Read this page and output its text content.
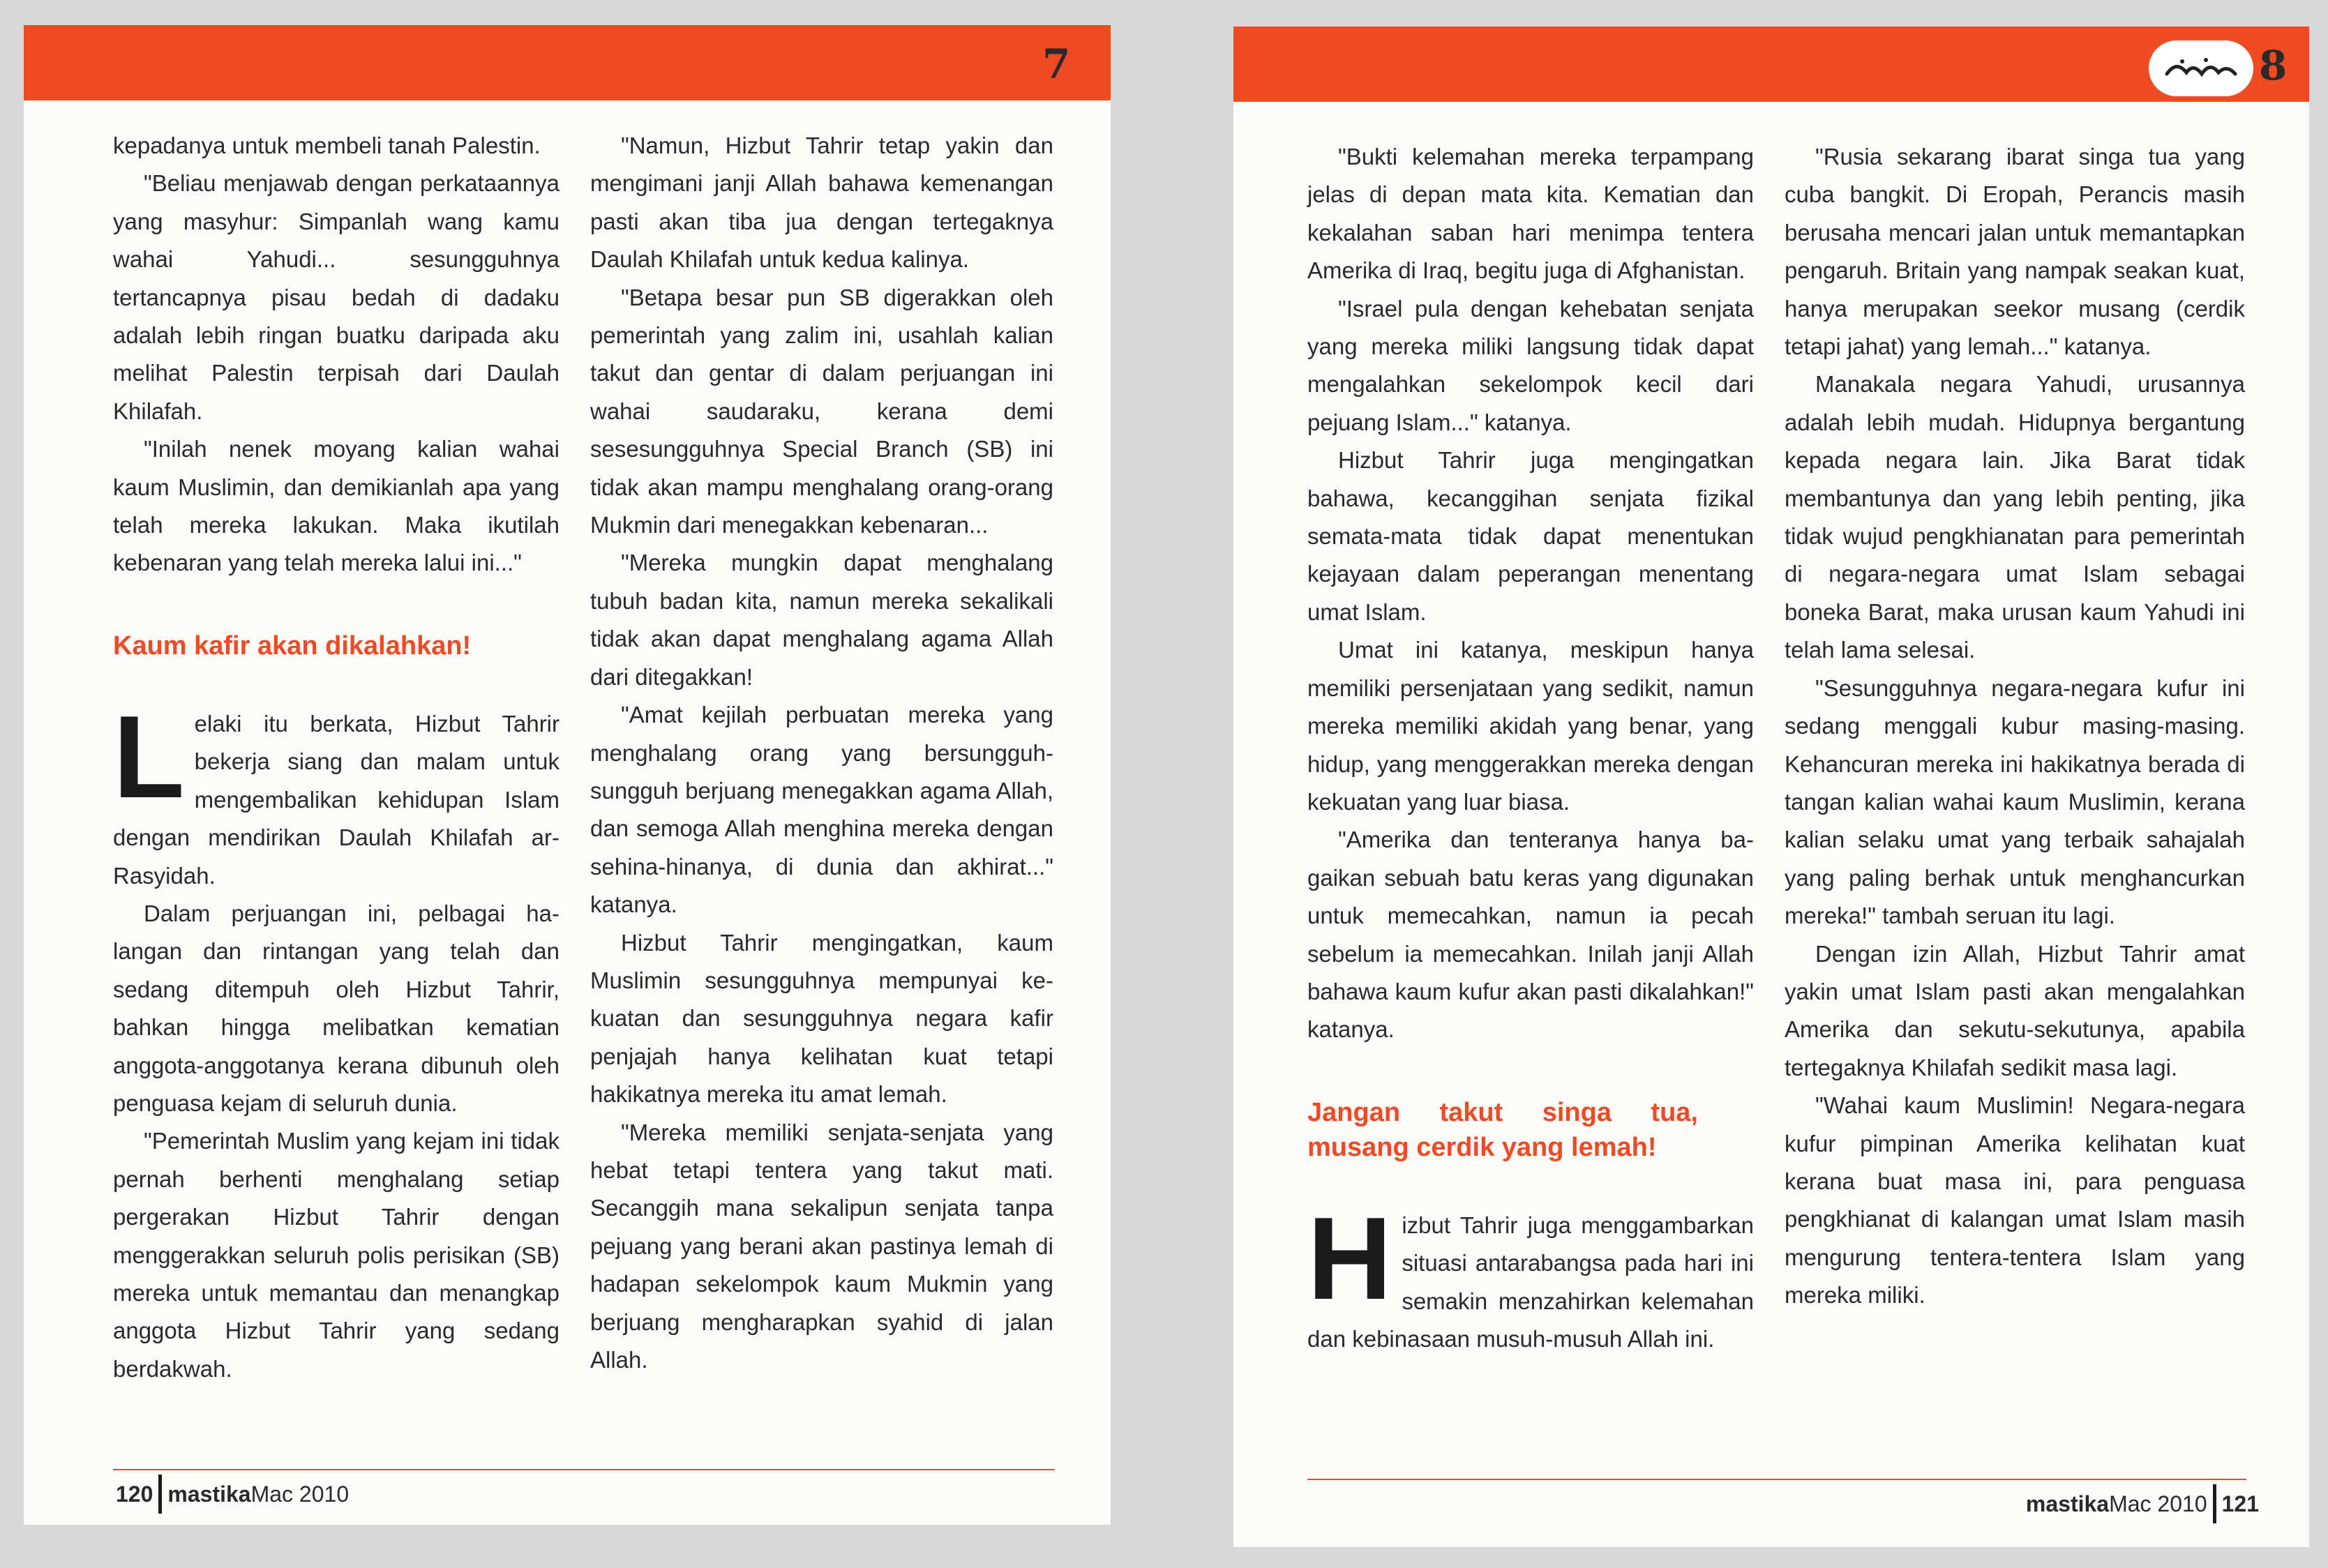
7

kepadanya untuk membeli tanah Palestin.

"Beliau menjawab dengan perkataannya yang masyhur: Simpanlah wang kamu wahai Yahudi... sesungguhnya tertancapnya pisau bedah di dadaku adalah lebih ringan buatku daripada aku melihat Palestin terpisah dari Daulah Khilafah.

"Inilah nenek moyang kalian wahai kaum Muslimin, dan demikianlah apa yang telah mereka lakukan. Maka ikutilah kebenaran yang telah mereka lalui ini..."

Kaum kafir akan dikalahkan!

Lelaki itu berkata, Hizbut Tahrir bekerja siang dan malam untuk mengembalikan kehidupan Islam dengan mendirikan Daulah Khilafah ar-Rasyidah.

Dalam perjuangan ini, pelbagai halangan dan rintangan yang telah dan sedang ditempuh oleh Hizbut Tahrir, bahkan hingga melibatkan kematian anggota-anggotanya kerana dibunuh oleh penguasa kejam di seluruh dunia.

"Pemerintah Muslim yang kejam ini tidak pernah berhenti menghalang setiap pergerakan Hizbut Tahrir dengan menggerakkan seluruh polis perisikan (SB) mereka untuk memantau dan menangkap anggota Hizbut Tahrir yang sedang berdakwah.

"Namun, Hizbut Tahrir tetap yakin dan mengimani janji Allah bahawa kemenangan pasti akan tiba jua dengan tertegaknya Daulah Khilafah untuk kedua kalinya.

"Betapa besar pun SB digerakkan oleh pemerintah yang zalim ini, usahlah kalian takut dan gentar di dalam perjuangan ini wahai saudaraku, kerana demi sesesungguhnya Special Branch (SB) ini tidak akan mampu menghalang orang-orang Mukmin dari menegakkan kebenaran...

"Mereka mungkin dapat menghalang tubuh badan kita, namun mereka sekalikali tidak akan dapat menghalang agama Allah dari ditegakkan!

"Amat kejilah perbuatan mereka yang menghalang orang yang bersungguh-sungguh berjuang menegakkan agama Allah, dan semoga Allah menghina mereka dengan sehina-hinanya, di dunia dan akhirat..." katanya.

Hizbut Tahrir mengingatkan, kaum Muslimin sesungguhnya mempunyai kekuatan dan sesungguhnya negara kafir penjajah hanya kelihatan kuat tetapi hakikatnya mereka itu amat lemah.

"Mereka memiliki senjata-senjata yang hebat tetapi tentera yang takut mati. Secanggih mana sekalipun senjata tanpa pejuang yang berani akan pastinya lemah di hadapan sekelompok kaum Mukmin yang berjuang mengharapkan syahid di jalan Allah.

120 mastika Mac 2010
8

"Bukti kelemahan mereka terpampang jelas di depan mata kita. Kematian dan kekalahan saban hari menimpa tentera Amerika di Iraq, begitu juga di Afghanistan.

"Israel pula dengan kehebatan senjata yang mereka miliki langsung tidak dapat mengalahkan sekelompok kecil dari pejuang Islam..." katanya.

Hizbut Tahrir juga mengingatkan bahawa, kecanggihan senjata fizikal semata-mata tidak dapat menentukan kejayaan dalam peperangan menentang umat Islam.

Umat ini katanya, meskipun hanya memiliki persenjataan yang sedikit, namun mereka memiliki akidah yang benar, yang hidup, yang menggerakkan mereka dengan kekuatan yang luar biasa.

"Amerika dan tenteranya hanya bagaikan sebuah batu keras yang digunakan untuk memecahkan, namun ia pecah sebelum ia memecahkan. Inilah janji Allah bahawa kaum kufur akan pasti dikalahkan!" katanya.

Jangan takut singa tua, musang cerdik yang lemah!

Hizbut Tahrir juga menggambarkan situasi antarabangsa pada hari ini semakin menzahirkan kelemahan dan kebinasaan musuh-musuh Allah ini.

"Rusia sekarang ibarat singa tua yang cuba bangkit. Di Eropah, Perancis masih berusaha mencari jalan untuk memantapkan pengaruh. Britain yang nampak seakan kuat, hanya merupakan seekor musang (cerdik tetapi jahat) yang lemah..." katanya.

Manakala negara Yahudi, urusannya adalah lebih mudah. Hidupnya bergantung kepada negara lain. Jika Barat tidak membantunya dan yang lebih penting, jika tidak wujud pengkhianatan para pemerintah di negara-negara umat Islam sebagai boneka Barat, maka urusan kaum Yahudi ini telah lama selesai.

"Sesungguhnya negara-negara kufur ini sedang menggali kubur masing-masing. Kehancuran mereka ini hakikatnya berada di tangan kalian wahai kaum Muslimin, kerana kalian selaku umat yang terbaik sahajalah yang paling berhak untuk menghancurkan mereka!" tambah seruan itu lagi.

Dengan izin Allah, Hizbut Tahrir amat yakin umat Islam pasti akan mengalahkan Amerika dan sekutu-sekutunya, apabila tertegaknya Khilafah sedikit masa lagi.

"Wahai kaum Muslimin! Negara-negara kufur pimpinan Amerika kelihatan kuat kerana buat masa ini, para penguasa pengkhianat di kalangan umat Islam masih mengurung tentera-tentera Islam yang mereka miliki.

mastika Mac 2010 121
